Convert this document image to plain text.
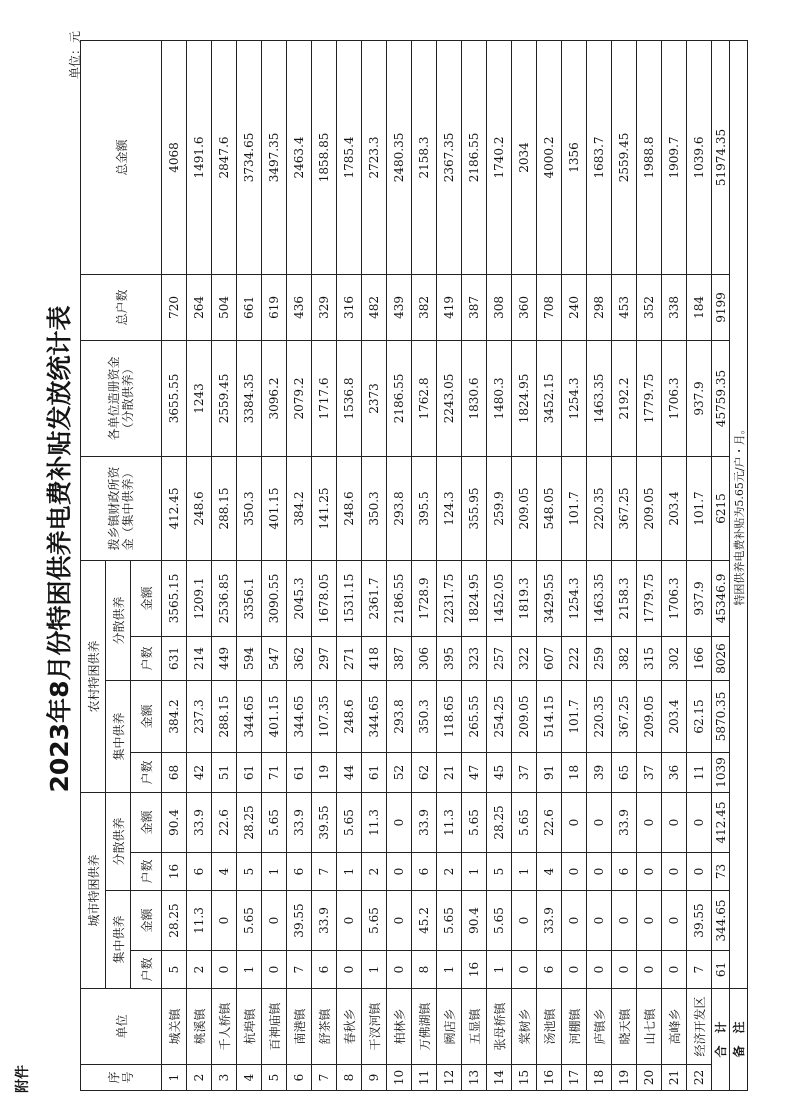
附件
2023年8月份特困供养电费补贴发放统计表
单位：元
序号	单位	城市特困供养				农村特困供养				拨乡镇财政所资金（集中供养）	各单位造册资金（分散供养）	总户数	总金额
		集中供养		分散供养		集中供养		分散供养					
		户数	金额	户数	金额	户数	金额	户数	金额				
1	城关镇	5	28.25	16	90.4	68	384.2	631	3565.15	412.45	3655.55	720	4068
2	桃溪镇	2	11.3	6	33.9	42	237.3	214	1209.1	248.6	1243	264	1491.6
3	千人桥镇	0	0	4	22.6	51	288.15	449	2536.85	288.15	2559.45	504	2847.6
4	杭埠镇	1	5.65	5	28.25	61	344.65	594	3356.1	350.3	3384.35	661	3734.65
5	百神庙镇	0	0	1	5.65	71	401.15	547	3090.55	401.15	3096.2	619	3497.35
6	南港镇	7	39.55	6	33.9	61	344.65	362	2045.3	384.2	2079.2	436	2463.4
7	舒茶镇	6	33.9	7	39.55	19	107.35	297	1678.05	141.25	1717.6	329	1858.85
8	春秋乡	0	0	1	5.65	44	248.6	271	1531.15	248.6	1536.8	316	1785.4
9	干汊河镇	1	5.65	2	11.3	61	344.65	418	2361.7	350.3	2373	482	2723.3
10	柏林乡	0	0	0	0	52	293.8	387	2186.55	293.8	2186.55	439	2480.35
11	万佛湖镇	8	45.2	6	33.9	62	350.3	306	1728.9	395.5	1762.8	382	2158.3
12	阙店乡	1	5.65	2	11.3	21	118.65	395	2231.75	124.3	2243.05	419	2367.35
13	五显镇	16	90.4	1	5.65	47	265.55	323	1824.95	355.95	1830.6	387	2186.55
14	张母桥镇	1	5.65	5	28.25	45	254.25	257	1452.05	259.9	1480.3	308	1740.2
15	棠树乡	0	0	1	5.65	37	209.05	322	1819.3	209.05	1824.95	360	2034
16	汤池镇	6	33.9	4	22.6	91	514.15	607	3429.55	548.05	3452.15	708	4000.2
17	河棚镇	0	0	0	0	18	101.7	222	1254.3	101.7	1254.3	240	1356
18	庐镇乡	0	0	0	0	39	220.35	259	1463.35	220.35	1463.35	298	1683.7
19	晓天镇	0	0	6	33.9	65	367.25	382	2158.3	367.25	2192.2	453	2559.45
20	山七镇	0	0	0	0	37	209.05	315	1779.75	209.05	1779.75	352	1988.8
21	高峰乡	0	0	0	0	36	203.4	302	1706.3	203.4	1706.3	338	1909.7
22	经济开发区	7	39.55	0	0	11	62.15	166	937.9	101.7	937.9	184	1039.6
合　计		61	344.65	73	412.45	1039	5870.35	8026	45346.9	6215	45759.35	9199	51974.35
备　注		特困供养电费补贴为5.65元/户・月。											
